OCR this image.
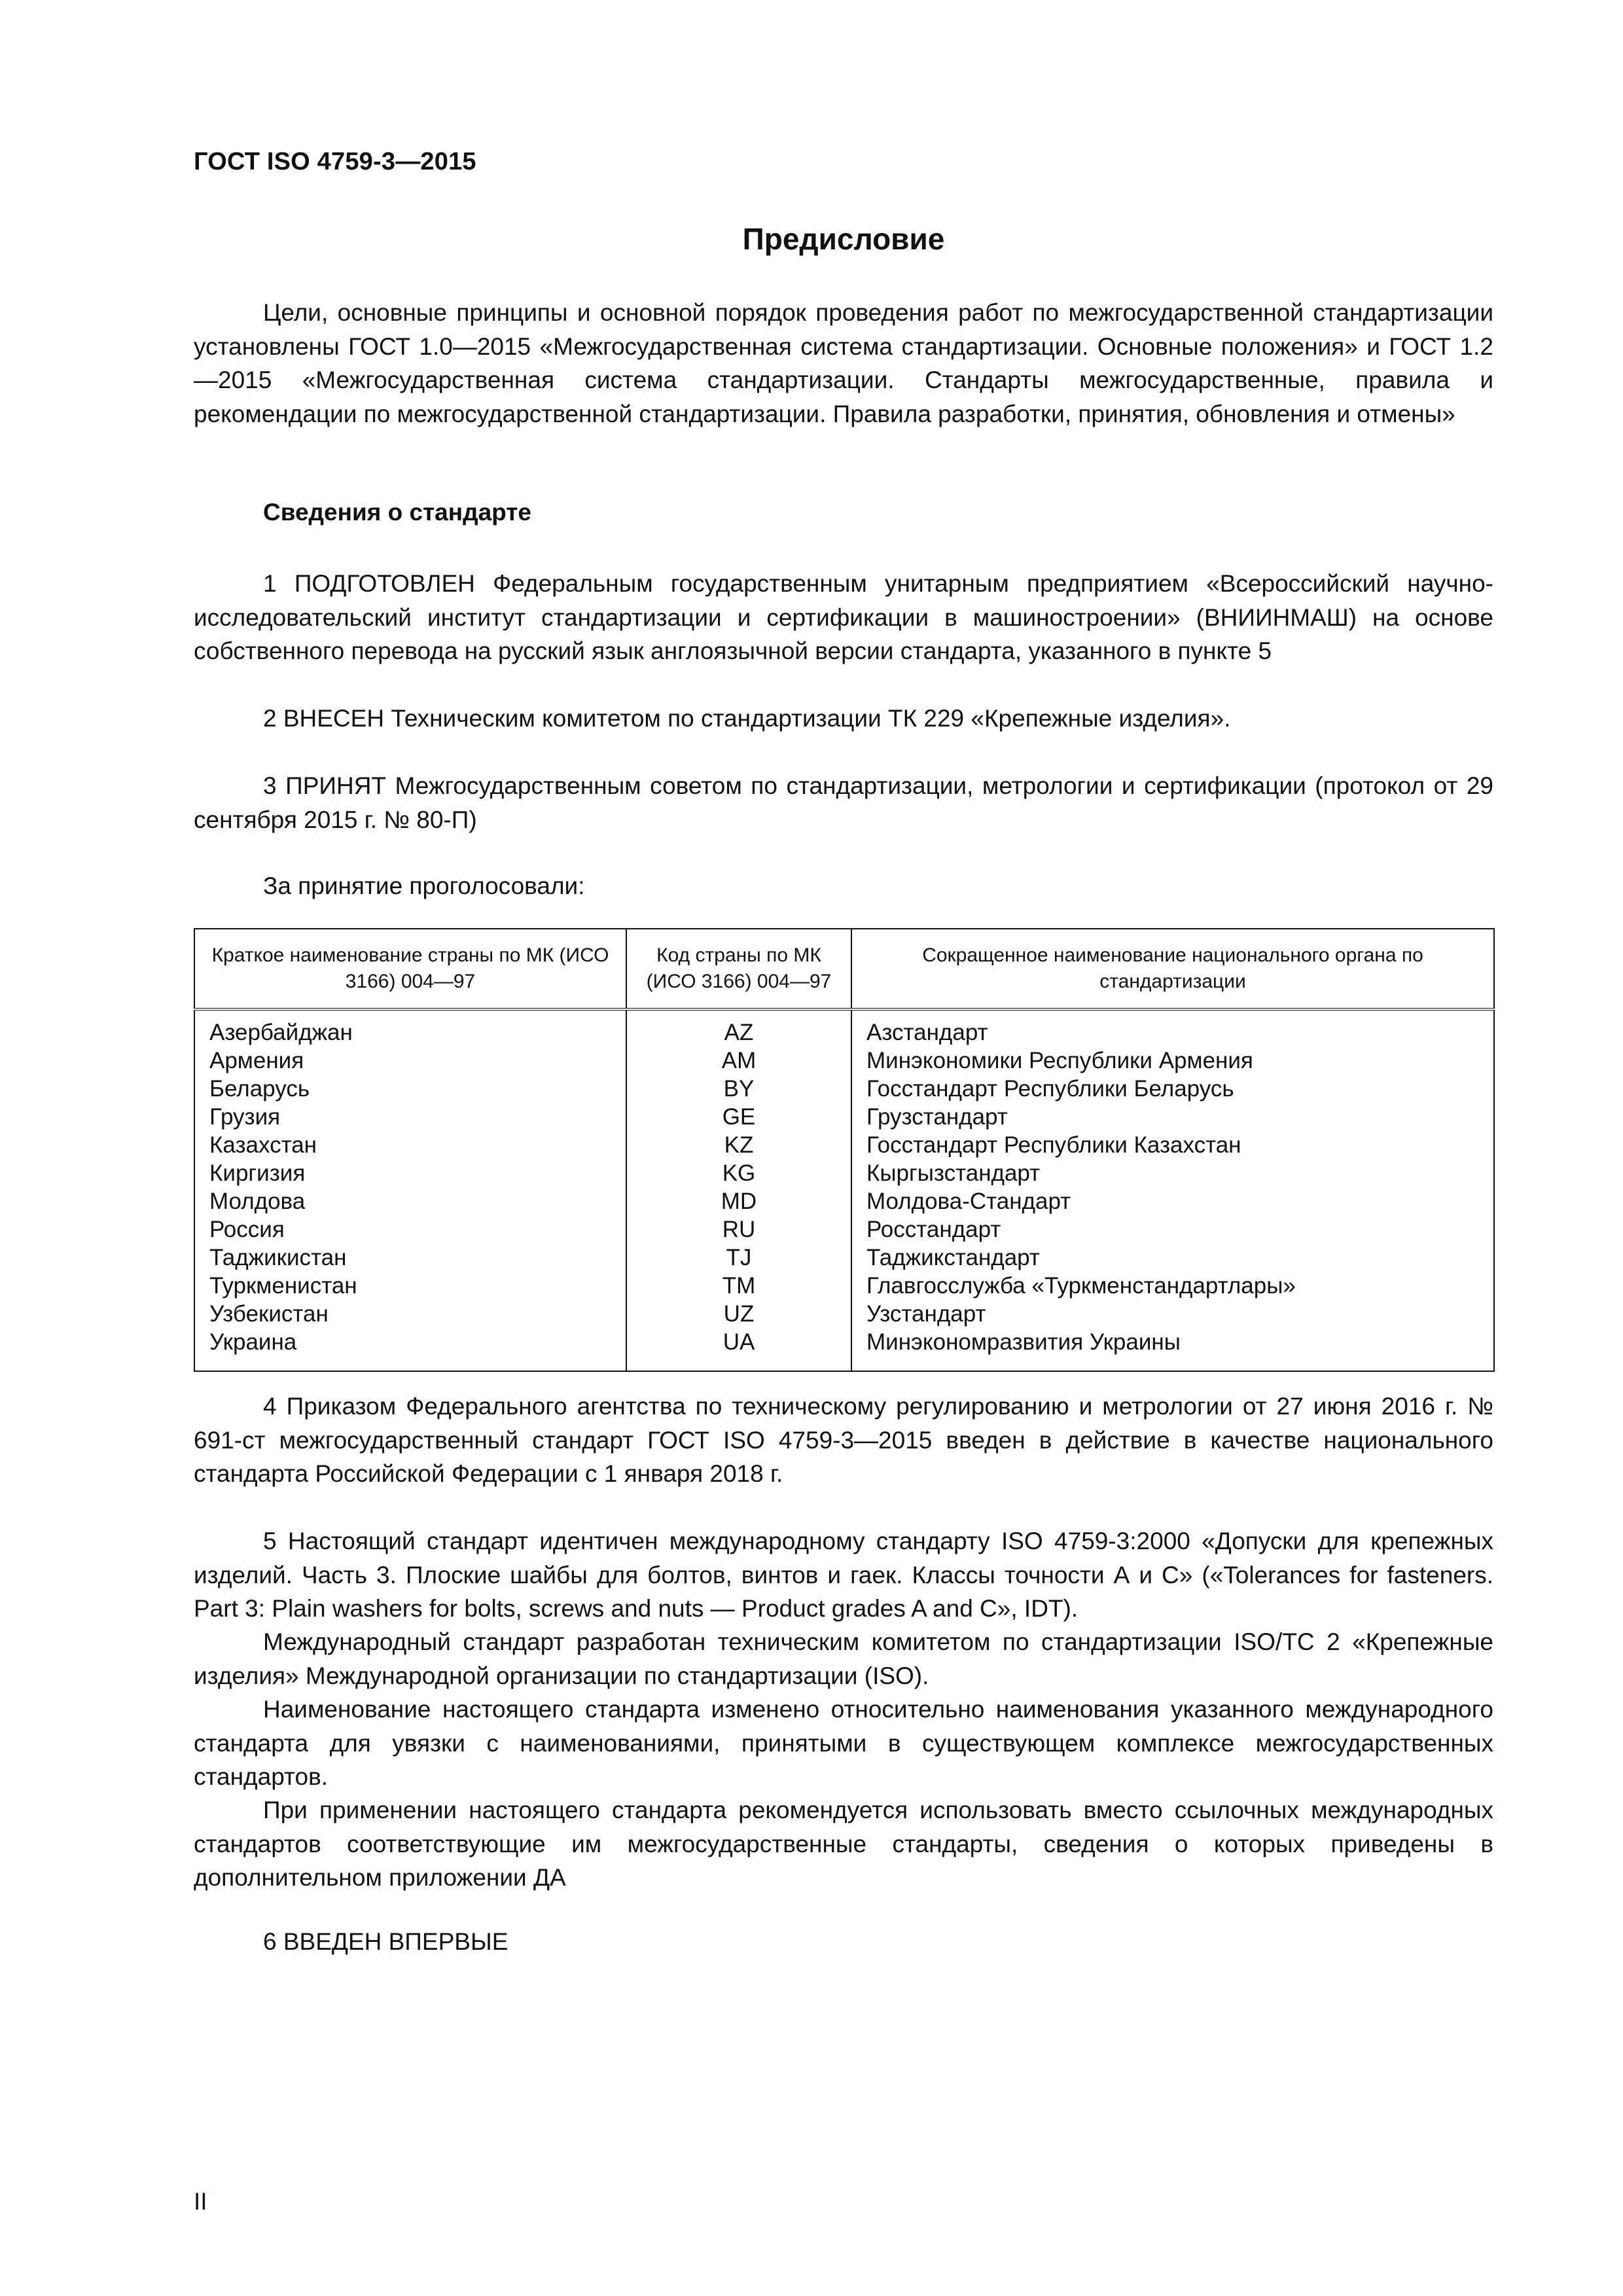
ГОСТ ISO 4759-3—2015
Предисловие

Цели, основные принципы и основной порядок проведения работ по межгосударственной стандартизации установлены ГОСТ 1.0—2015 «Межгосударственная система стандартизации. Основные положения» и ГОСТ 1.2—2015 «Межгосударственная система стандартизации. Стандарты межгосударственные, правила и рекомендации по межгосударственной стандартизации. Правила разработки, принятия, обновления и отмены»

Сведения о стандарте

1 ПОДГОТОВЛЕН Федеральным государственным унитарным предприятием «Всероссийский научно-исследовательский институт стандартизации и сертификации в машиностроении» (ВНИИНМАШ) на основе собственного перевода на русский язык англоязычной версии стандарта, указанного в пункте 5

2 ВНЕСЕН Техническим комитетом по стандартизации ТК 229 «Крепежные изделия».

3 ПРИНЯТ Межгосударственным советом по стандартизации, метрологии и сертификации (протокол от 29 сентября 2015 г. № 80-П)

За принятие проголосовали:
Краткое наименование страны по МК (ИСО 3166) 004—97	Код страны по МК (ИСО 3166) 004—97	Сокращенное наименование национального органа по стандартизации
Азербайджан	AZ	Азстандарт
Армения	AM	Минэкономики Республики Армения
Беларусь	BY	Госстандарт Республики Беларусь
Грузия	GE	Грузстандарт
Казахстан	KZ	Госстандарт Республики Казахстан
Киргизия	KG	Кыргызстандарт
Молдова	MD	Молдова-Стандарт
Россия	RU	Росстандарт
Таджикистан	TJ	Таджикстандарт
Туркменистан	TM	Главгосслужба «Туркменстандартлары»
Узбекистан	UZ	Узстандарт
Украина	UA	Минэкономразвития Украины

4 Приказом Федерального агентства по техническому регулированию и метрологии от 27 июня 2016 г. № 691-ст межгосударственный стандарт ГОСТ ISO 4759-3—2015 введен в действие в качестве национального стандарта Российской Федерации с 1 января 2018 г.

5 Настоящий стандарт идентичен международному стандарту ISO 4759-3:2000 «Допуски для крепежных изделий. Часть 3. Плоские шайбы для болтов, винтов и гаек. Классы точности А и С» («Tolerances for fasteners. Part 3: Plain washers for bolts, screws and nuts — Product grades A and C», IDT).

Международный стандарт разработан техническим комитетом по стандартизации ISO/TC 2 «Крепежные изделия» Международной организации по стандартизации (ISO).

Наименование настоящего стандарта изменено относительно наименования указанного международного стандарта для увязки с наименованиями, принятыми в существующем комплексе межгосударственных стандартов.

При применении настоящего стандарта рекомендуется использовать вместо ссылочных международных стандартов соответствующие им межгосударственные стандарты, сведения о которых приведены в дополнительном приложении ДА

6 ВВЕДЕН ВПЕРВЫЕ
II
